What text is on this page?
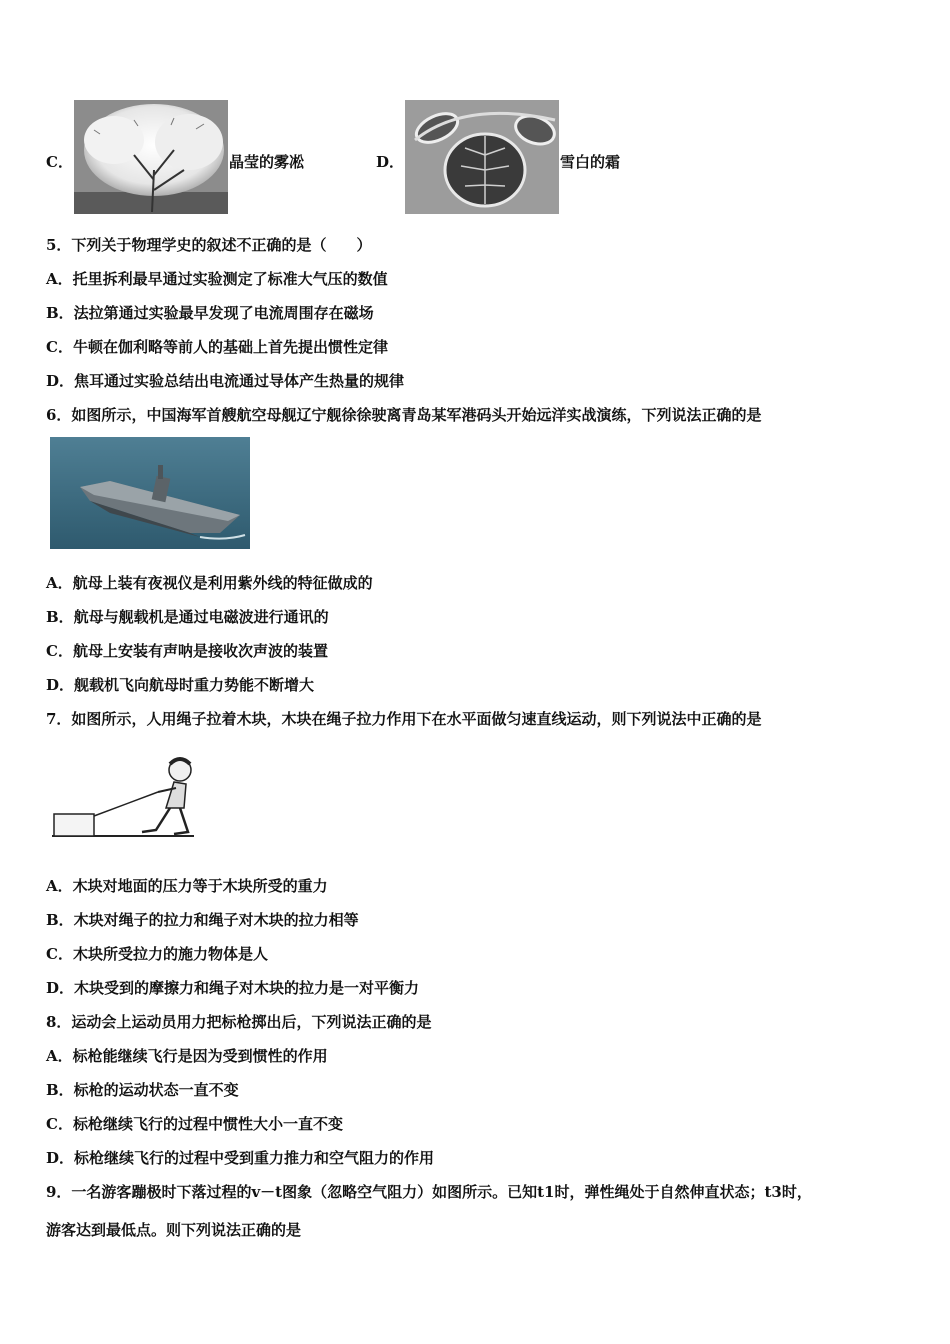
C．	晶莹的雾凇	D．	雪白的霜
5．下列关于物理学史的叙述不正确的是（　　）
A．托里拆利最早通过实验测定了标准大气压的数值
B．法拉第通过实验最早发现了电流周围存在磁场
C．牛顿在伽利略等前人的基础上首先提出惯性定律
D．焦耳通过实验总结出电流通过导体产生热量的规律
6．如图所示，中国海军首艘航空母舰辽宁舰徐徐驶离青岛某军港码头开始远洋实战演练，下列说法正确的是
A．航母上装有夜视仪是利用紫外线的特征做成的
B．航母与舰载机是通过电磁波进行通讯的
C．航母上安装有声呐是接收次声波的装置
D．舰载机飞向航母时重力势能不断增大
7．如图所示，人用绳子拉着木块，木块在绳子拉力作用下在水平面做匀速直线运动，则下列说法中正确的是
A．木块对地面的压力等于木块所受的重力
B．木块对绳子的拉力和绳子对木块的拉力相等
C．木块所受拉力的施力物体是人
D．木块受到的摩擦力和绳子对木块的拉力是一对平衡力
8．运动会上运动员用力把标枪掷出后，下列说法正确的是
A．标枪能继续飞行是因为受到惯性的作用
B．标枪的运动状态一直不变
C．标枪继续飞行的过程中惯性大小一直不变
D．标枪继续飞行的过程中受到重力推力和空气阻力的作用
9．一名游客蹦极时下落过程的v－t图象（忽略空气阻力）如图所示。已知t1时，弹性绳处于自然伸直状态；t3时，
游客达到最低点。则下列说法正确的是
